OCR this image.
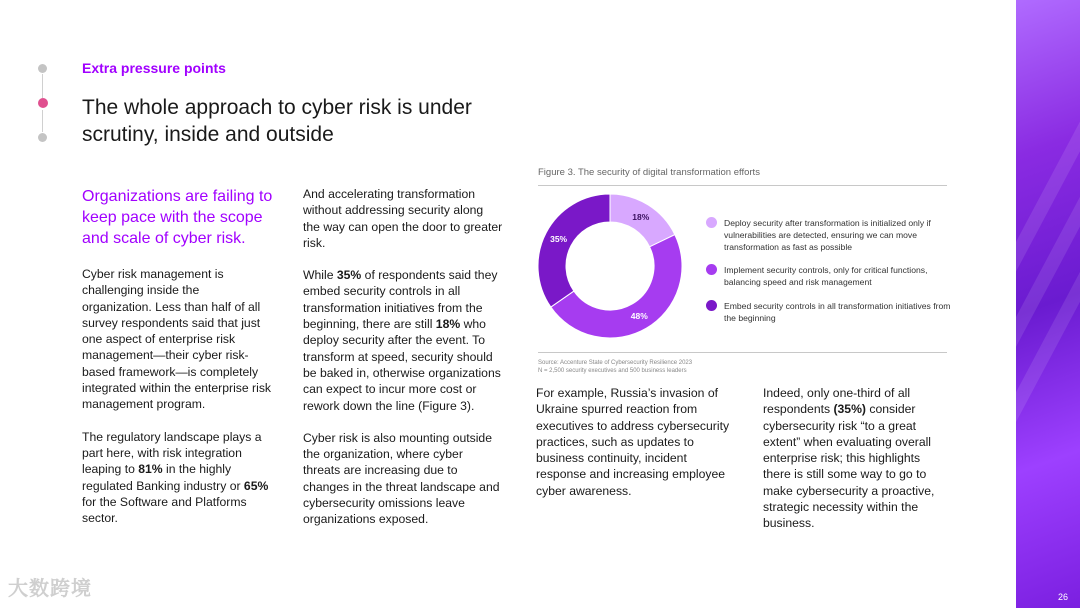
26
Extra pressure points
The whole approach to cyber risk is under scrutiny, inside and outside
Organizations are failing to keep pace with the scope and scale of cyber risk.

Cyber risk management is challenging inside the organization. Less than half of all survey respondents said that just one aspect of enterprise risk management—their cyber risk-based framework—is completely integrated within the enterprise risk management program.

The regulatory landscape plays a part here, with risk integration leaping to 81% in the highly regulated Banking industry or 65% for the Software and Platforms sector.

And accelerating transformation without addressing security along the way can open the door to greater risk.

While 35% of respondents said they embed security controls in all transformation initiatives from the beginning, there are still 18% who deploy security after the event. To transform at speed, security should be baked in, otherwise organizations can expect to incur more cost or rework down the line (Figure 3).

Cyber risk is also mounting outside the organization, where cyber threats are increasing due to changes in the threat landscape and cybersecurity omissions leave organizations exposed.

Figure 3. The security of digital transformation efforts
18%
48%
35%
Deploy security after transformation is initialized only if vulnerabilities are detected, ensuring we can move transformation as fast as possible
Implement security controls, only for critical functions, balancing speed and risk management
Embed security controls in all transformation initiatives from the beginning
Source: Accenture State of Cybersecurity Resilience 2023
N = 2,500 security executives and 500 business leaders

For example, Russia’s invasion of Ukraine spurred reaction from executives to address cybersecurity practices, such as updates to business continuity, incident response and increasing employee cyber awareness.

Indeed, only one-third of all respondents (35%) consider cybersecurity risk “to a great extent” when evaluating overall enterprise risk; this highlights there is still some way to go to make cybersecurity a proactive, strategic necessity within the business.

大数跨境
